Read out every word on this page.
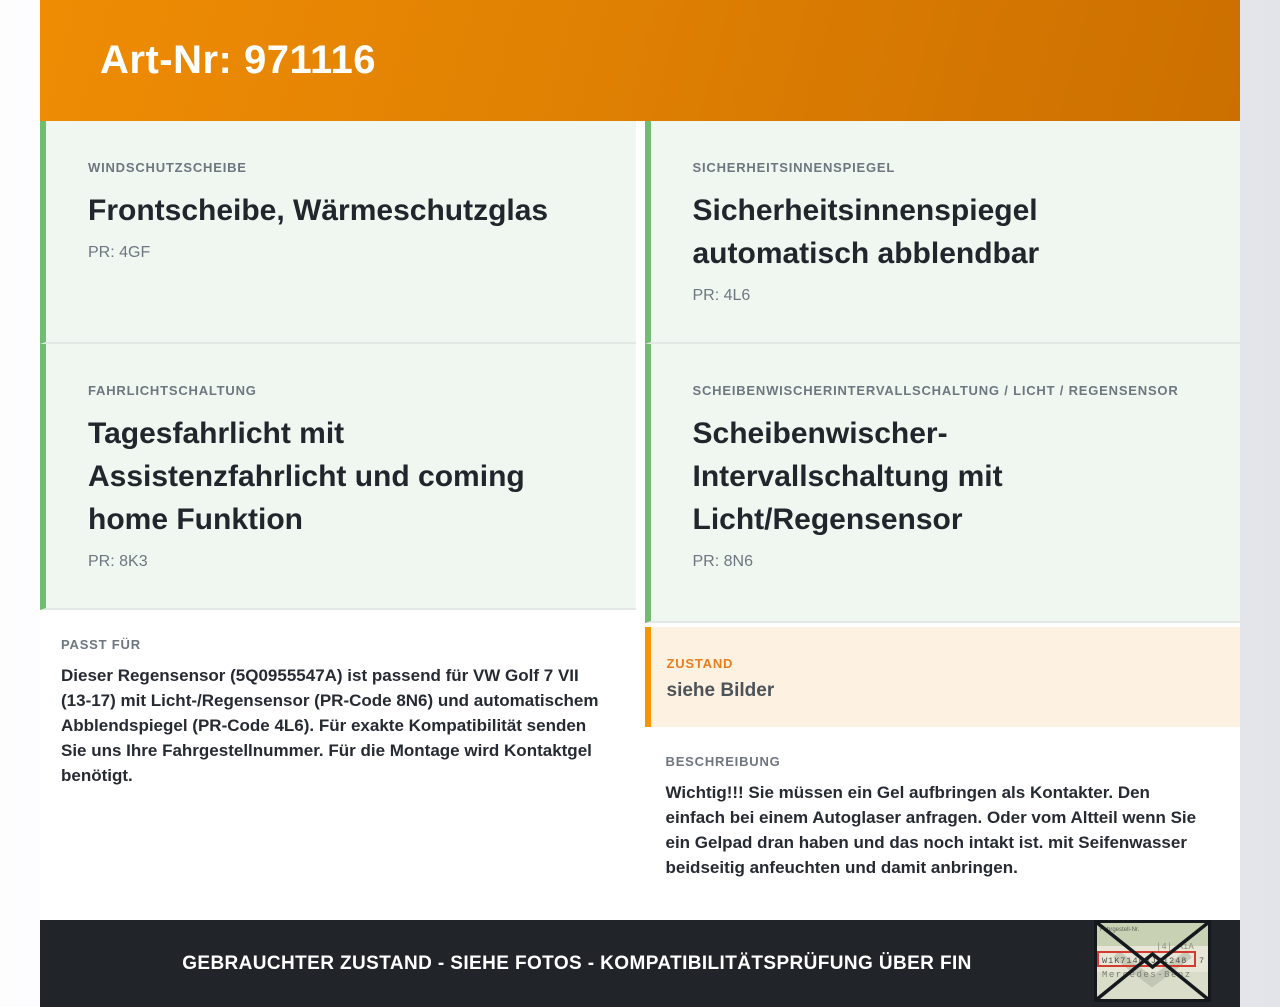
Art-Nr: 971116
WINDSCHUTZSCHEIBE
Frontscheibe, Wärmeschutzglas
PR: 4GF
FAHRLICHTSCHALTUNG
Tagesfahrlicht mit Assistenzfahrlicht und coming home Funktion
PR: 8K3
PASST FÜR

Dieser Regensensor (5Q0955547A) ist passend für VW Golf 7 VII (13-17) mit Licht-/Regensensor (PR-Code 8N6) und automatischem Abblendspiegel (PR-Code 4L6). Für exakte Kompatibilität senden Sie uns Ihre Fahrgestellnummer. Für die Montage wird Kontaktgel benötigt.

SICHERHEITSINNENSPIEGEL
Sicherheitsinnenspiegel automatisch abblendbar
PR: 4L6
SCHEIBENWISCHERINTERVALLSCHALTUNG / LICHT / REGENSENSOR
Scheibenwischer-Intervallschaltung mit Licht/Regensensor
PR: 8N6
ZUSTAND
siehe Bilder
BESCHREIBUNG

Wichtig!!! Sie müssen ein Gel aufbringen als Kontakter. Den einfach bei einem Autoglaser anfragen. Oder vom Altteil wenn Sie ein Gelpad dran haben und das noch intakt ist. mit Seifenwasser beidseitig anfeuchten und damit anbringen.

GEBRAUCHTER ZUSTAND - SIEHE FOTOS - KOMPATIBILITÄTSPRÜFUNG ÜBER FIN
Fahrgestell-Nr.
|4| AiA
W1K71463J31248 7
Mercedes-Benz
